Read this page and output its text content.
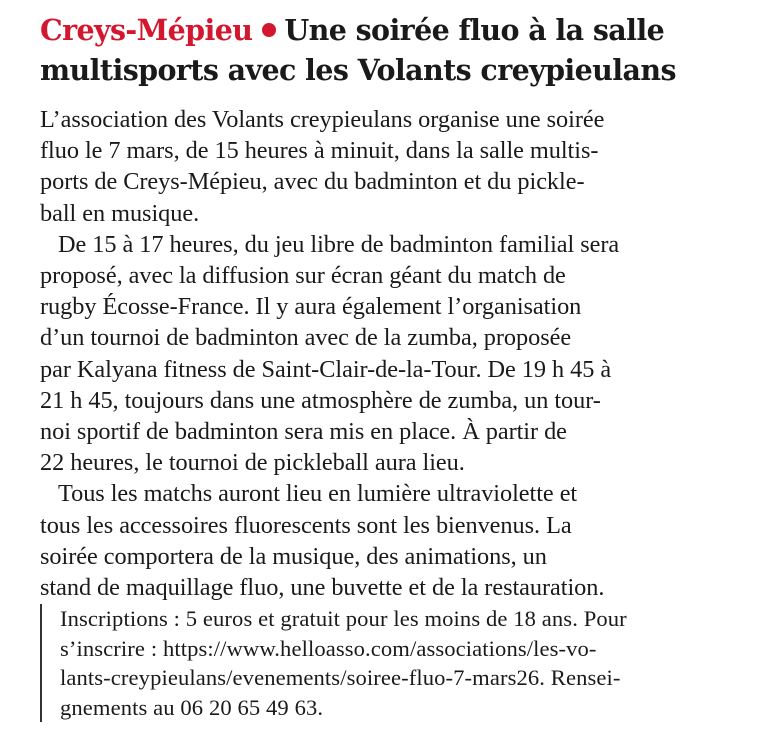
Creys-Mépieu Une soirée fluo à la salle
multisports avec les Volants creypieulans

L’association des Volants creypieulans organise une soirée
fluo le 7 mars, de 15 heures à minuit, dans la salle multis-
ports de Creys-Mépieu, avec du badminton et du pickle-
ball en musique.

De 15 à 17 heures, du jeu libre de badminton familial sera
proposé, avec la diffusion sur écran géant du match de
rugby Écosse-France. Il y aura également l’organisation
d’un tournoi de badminton avec de la zumba, proposée
par Kalyana fitness de Saint-Clair-de-la-Tour. De 19 h 45 à
21 h 45, toujours dans une atmosphère de zumba, un tour-
noi sportif de badminton sera mis en place. À partir de
22 heures, le tournoi de pickleball aura lieu.

Tous les matchs auront lieu en lumière ultraviolette et
tous les accessoires fluorescents sont les bienvenus. La
soirée comportera de la musique, des animations, un
stand de maquillage fluo, une buvette et de la restauration.

Inscriptions : 5 euros et gratuit pour les moins de 18 ans. Pour
s’inscrire : https://www.helloasso.com/associations/les-vo-
lants-creypieulans/evenements/soiree-fluo-7-mars26. Rensei-
gnements au 06 20 65 49 63.
